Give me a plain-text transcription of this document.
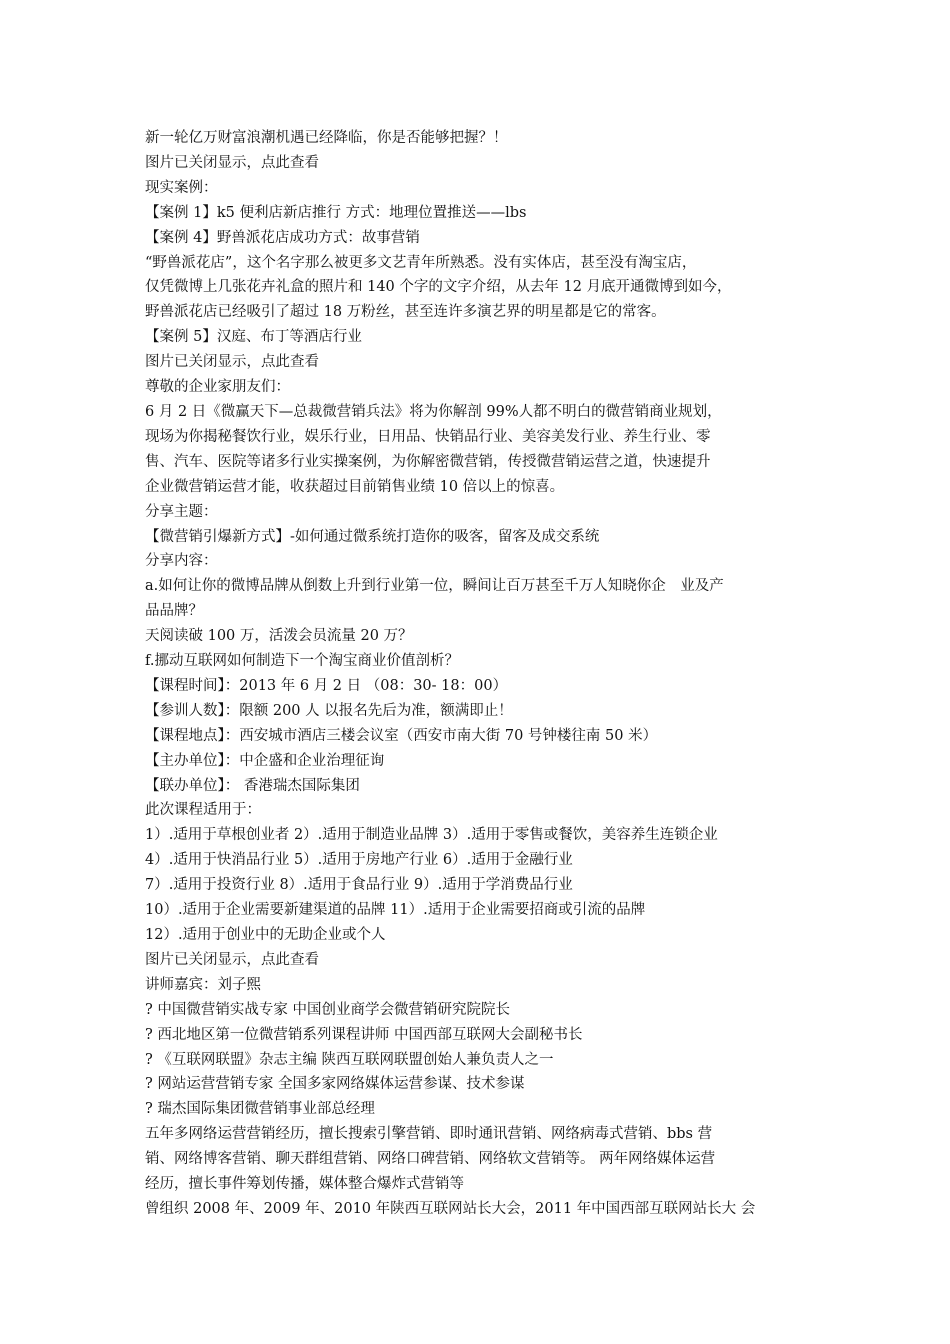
新一轮亿万财富浪潮机遇已经降临，你是否能够把握？！
图片已关闭显示，点此查看
现实案例：
【案例 1】k5 便利店新店推行 方式：地理位置推送——lbs
【案例 4】野兽派花店成功方式：故事营销
“野兽派花店”，这个名字那么被更多文艺青年所熟悉。没有实体店，甚至没有淘宝店，
仅凭微博上几张花卉礼盒的照片和 140 个字的文字介绍，从去年 12 月底开通微博到如今，
野兽派花店已经吸引了超过 18 万粉丝，甚至连许多演艺界的明星都是它的常客。
【案例 5】汉庭、布丁等酒店行业
图片已关闭显示，点此查看
尊敬的企业家朋友们：
6 月 2 日《微赢天下—总裁微营销兵法》将为你解剖 99%人都不明白的微营销商业规划，
现场为你揭秘餐饮行业，娱乐行业，日用品、快销品行业、美容美发行业、养生行业、零
售、汽车、医院等诸多行业实操案例，为你解密微营销，传授微营销运营之道，快速提升
企业微营销运营才能，收获超过目前销售业绩 10 倍以上的惊喜。
分享主题：
【微营销引爆新方式】-如何通过微系统打造你的吸客，留客及成交系统
分享内容：
a.如何让你的微博品牌从倒数上升到行业第一位，瞬间让百万甚至千万人知晓你企　业及产
品品牌？
天阅读破 100 万，活泼会员流量 20 万？
f.挪动互联网如何制造下一个淘宝商业价值剖析？
【课程时间】：2013 年 6 月 2 日 （08：30- 18：00）
【参训人数】：限额 200 人 以报名先后为准，额满即止！
【课程地点】：西安城市酒店三楼会议室（西安市南大街 70 号钟楼往南 50 米）
【主办单位】：中企盛和企业治理征询
【联办单位】： 香港瑞杰国际集团
此次课程适用于：
1）.适用于草根创业者 2）.适用于制造业品牌 3）.适用于零售或餐饮，美容养生连锁企业
4）.适用于快消品行业 5）.适用于房地产行业 6）.适用于金融行业
7）.适用于投资行业 8）.适用于食品行业 9）.适用于学消费品行业
10）.适用于企业需要新建渠道的品牌 11）.适用于企业需要招商或引流的品牌
12）.适用于创业中的无助企业或个人
图片已关闭显示，点此查看
讲师嘉宾：刘子熙
? 中国微营销实战专家 中国创业商学会微营销研究院院长
? 西北地区第一位微营销系列课程讲师 中国西部互联网大会副秘书长
? 《互联网联盟》杂志主编 陕西互联网联盟创始人兼负责人之一
? 网站运营营销专家 全国多家网络媒体运营参谋、技术参谋
? 瑞杰国际集团微营销事业部总经理
五年多网络运营营销经历，擅长搜索引擎营销、即时通讯营销、网络病毒式营销、bbs 营
销、网络博客营销、聊天群组营销、网络口碑营销、网络软文营销等。 两年网络媒体运营
经历，擅长事件筹划传播，媒体整合爆炸式营销等
曾组织 2008 年、2009 年、2010 年陕西互联网站长大会，2011 年中国西部互联网站长大 会
